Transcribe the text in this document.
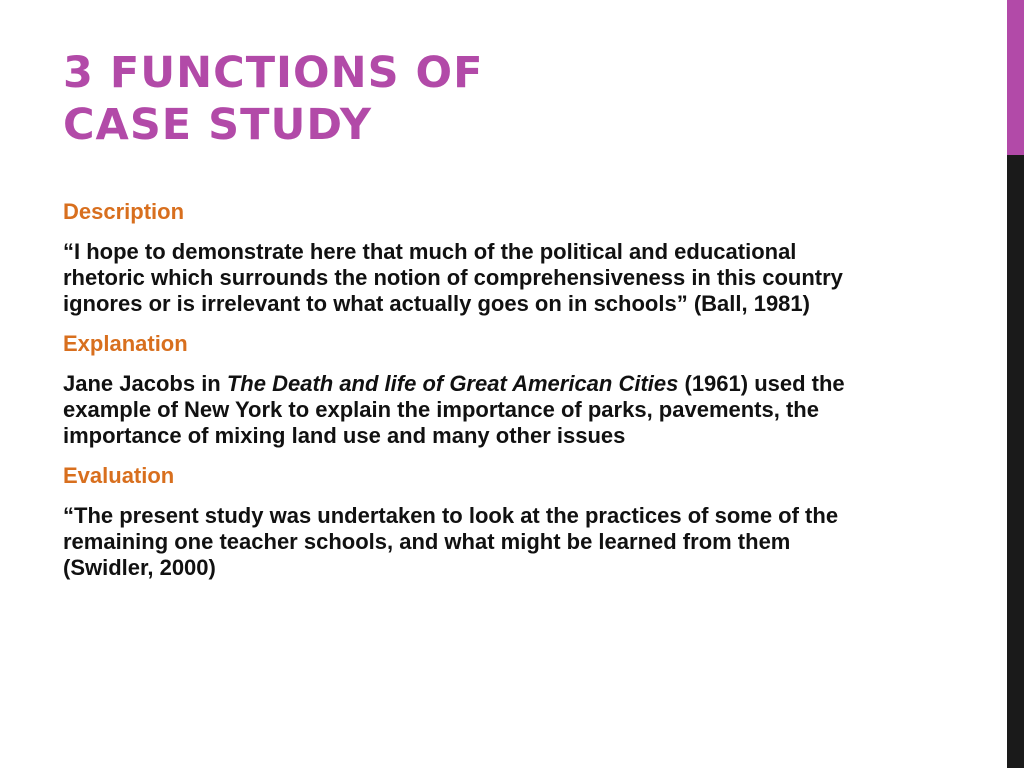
3 FUNCTIONS OF
CASE STUDY

Description

“I hope to demonstrate here that much of the political and educational rhetoric which surrounds the notion of comprehensiveness in this country ignores or is irrelevant to what actually goes on in schools” (Ball, 1981)

Explanation

Jane Jacobs in The Death and life of Great American Cities (1961) used the example of New York to explain the importance of parks, pavements, the importance of mixing land use and many other issues

Evaluation

“The present study was undertaken to look at the practices of some of the remaining one teacher schools, and what might be learned from them (Swidler, 2000)
